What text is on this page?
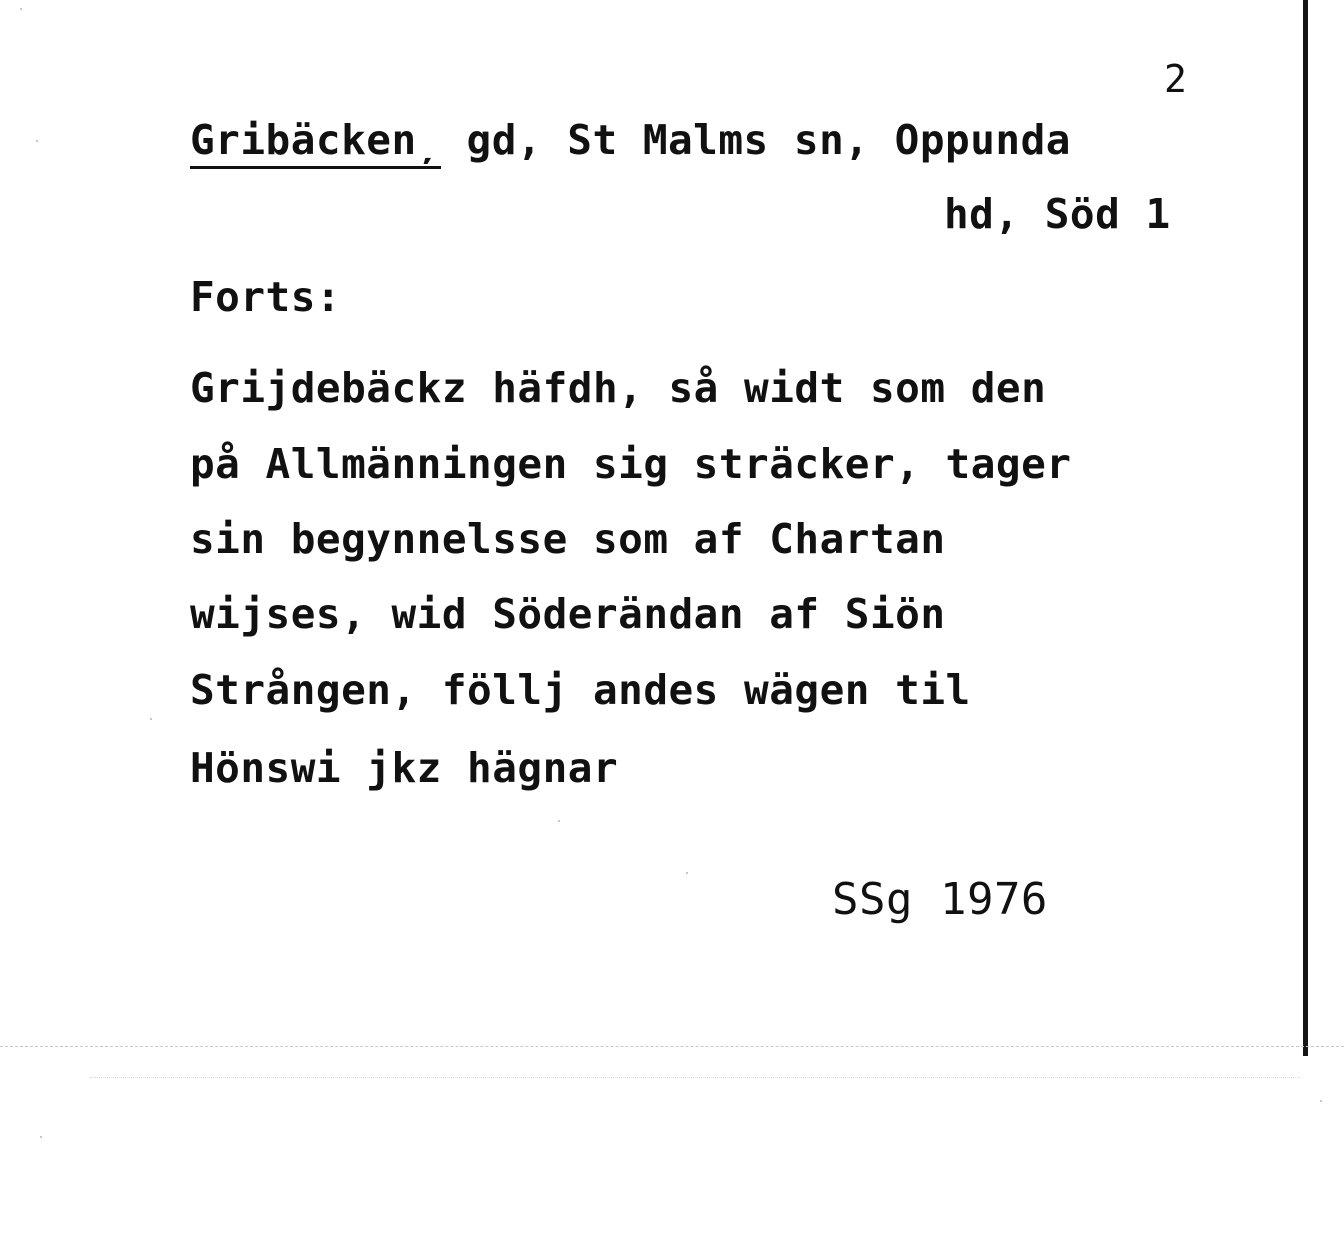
2
Gribäcken̦ gd, St Malms sn, Oppunda
hd, Söd 1
Forts:
Grijdebäckz häfdh, så widt som den
på Allmänningen sig sträcker, tager
sin begynnelsse som af Chartan
wijses, wid Söderändan af Siön
Strången, föllj andes wägen til
Hönswi jkz hägnar
SSg 1976
